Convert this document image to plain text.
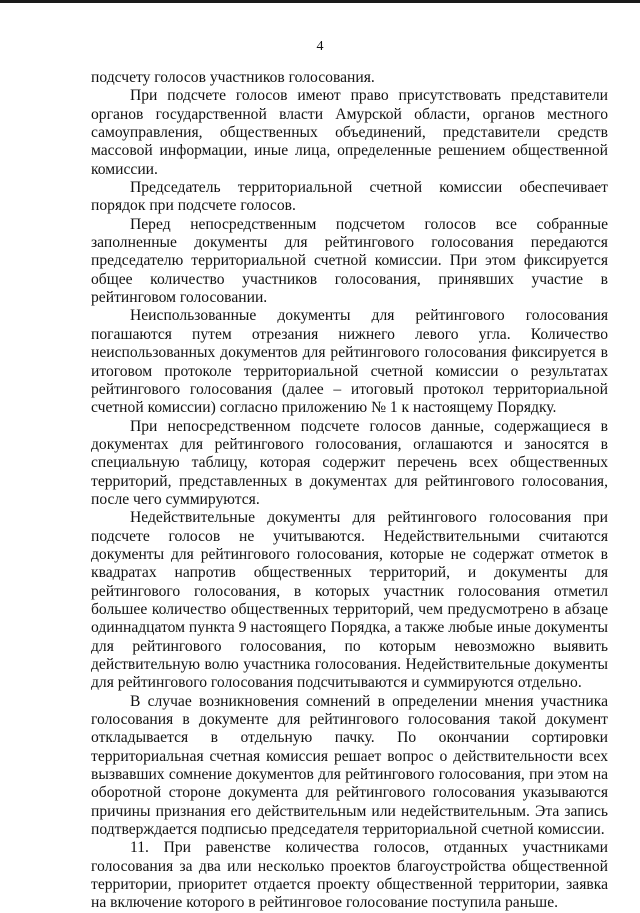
4

подсчету голосов участников голосования.

При подсчете голосов имеют право присутствовать представители органов государственной власти Амурской области, органов местного самоуправления, общественных объединений, представители средств массовой информации, иные лица, определенные решением общественной комиссии.

Председатель территориальной счетной комиссии обеспечивает порядок при подсчете голосов.

Перед непосредственным подсчетом голосов все собранные заполненные документы для рейтингового голосования передаются председателю территориальной счетной комиссии. При этом фиксируется общее количество участников голосования, принявших участие в рейтинговом голосовании.

Неиспользованные документы для рейтингового голосования погашаются путем отрезания нижнего левого угла. Количество неиспользованных документов для рейтингового голосования фиксируется в итоговом протоколе территориальной счетной комиссии о результатах рейтингового голосования (далее – итоговый протокол территориальной счетной комиссии) согласно приложению № 1 к настоящему Порядку.

При непосредственном подсчете голосов данные, содержащиеся в документах для рейтингового голосования, оглашаются и заносятся в специальную таблицу, которая содержит перечень всех общественных территорий, представленных в документах для рейтингового голосования, после чего суммируются.

Недействительные документы для рейтингового голосования при подсчете голосов не учитываются. Недействительными считаются документы для рейтингового голосования, которые не содержат отметок в квадратах напротив общественных территорий, и документы для рейтингового голосования, в которых участник голосования отметил большее количество общественных территорий, чем предусмотрено в абзаце одиннадцатом пункта 9 настоящего Порядка, а также любые иные документы для рейтингового голосования, по которым невозможно выявить действительную волю участника голосования. Недействительные документы для рейтингового голосования подсчитываются и суммируются отдельно.

В случае возникновения сомнений в определении мнения участника голосования в документе для рейтингового голосования такой документ откладывается в отдельную пачку. По окончании сортировки территориальная счетная комиссия решает вопрос о действительности всех вызвавших сомнение документов для рейтингового голосования, при этом на оборотной стороне документа для рейтингового голосования указываются причины признания его действительным или недействительным. Эта запись подтверждается подписью председателя территориальной счетной комиссии.

11. При равенстве количества голосов, отданных участниками голосования за два или несколько проектов благоустройства общественной территории, приоритет отдается проекту общественной территории, заявка на включение которого в рейтинговое голосование поступила раньше.
